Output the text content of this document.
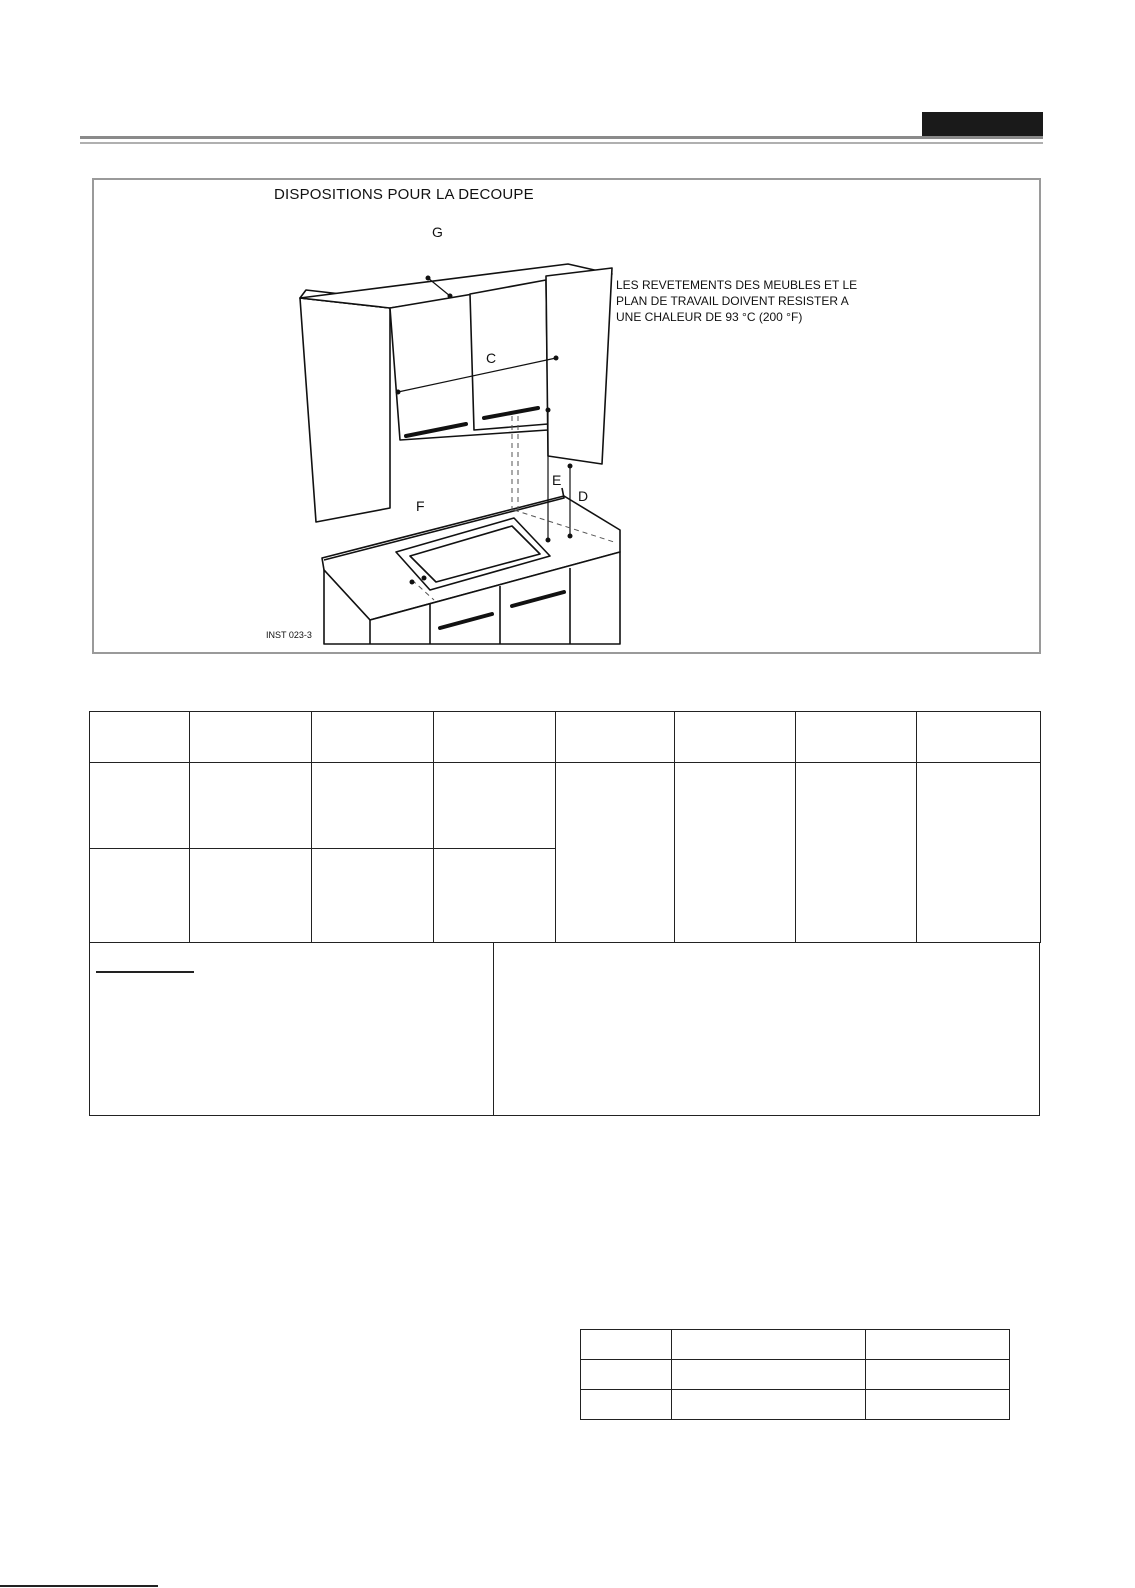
DISPOSITIONS POUR LA DECOUPE
G
C
E
D
F
LES REVETEMENTS DES MEUBLES ET LE
PLAN DE TRAVAIL DOIVENT RESISTER A
UNE CHALEUR DE 93 °C (200 °F)
INST 023-3
